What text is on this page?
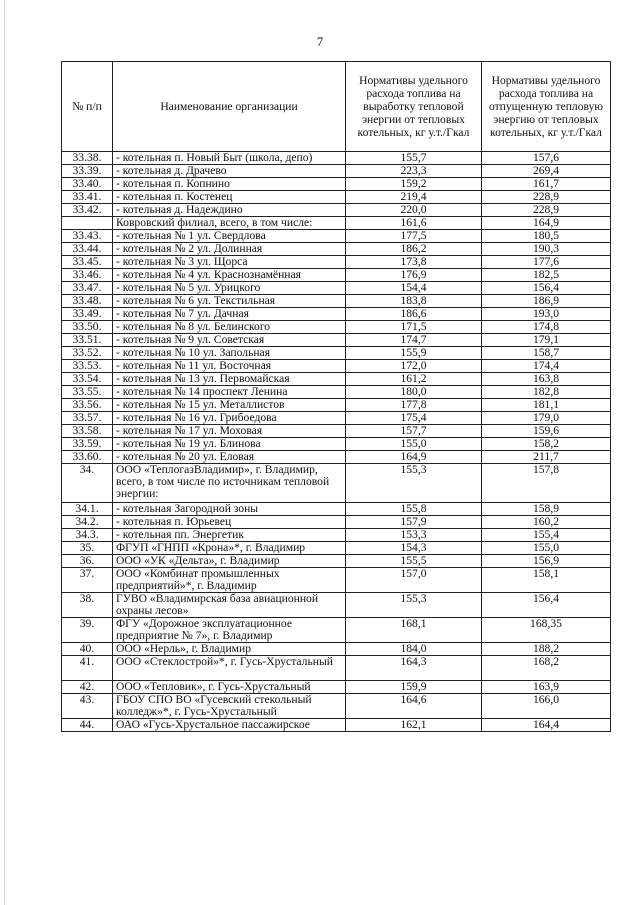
7
№ п/п	Наименование организации	Нормативы удельного расхода топлива на выработку тепловой энергии от тепловых котельных, кг у.т./Гкал	Нормативы удельного расхода топлива на отпущенную тепловую энергию от тепловых котельных, кг у.т./Гкал
33.38.	- котельная п. Новый Быт (школа, депо)	155,7	157,6
33.39.	- котельная д. Драчево	223,3	269,4
33.40.	- котельная п. Копнино	159,2	161,7
33.41.	- котельная п. Костенец	219,4	228,9
33.42.	- котельная д. Надеждино	220,0	228,9
	Ковровский филиал, всего, в том числе:	161,6	164,9
33.43.	- котельная № 1 ул. Свердлова	177,5	180,5
33.44.	- котельная № 2 ул. Долинная	186,2	190,3
33.45.	- котельная № 3 ул. Щорса	173,8	177,6
33.46.	- котельная № 4 ул. Краснознамённая	176,9	182,5
33.47.	- котельная № 5 ул. Урицкого	154,4	156,4
33.48.	- котельная № 6 ул. Текстильная	183,8	186,9
33.49.	- котельная № 7 ул. Дачная	186,6	193,0
33.50.	- котельная № 8 ул. Белинского	171,5	174,8
33.51.	- котельная № 9 ул. Советская	174,7	179,1
33.52.	- котельная № 10 ул. Запольная	155,9	158,7
33.53.	- котельная № 11 ул. Восточная	172,0	174,4
33.54.	- котельная № 13 ул. Первомайская	161,2	163,8
33.55.	- котельная № 14 проспект Ленина	180,0	182,8
33.56.	- котельная № 15 ул. Металлистов	177,8	181,1
33.57.	- котельная № 16 ул. Грибоедова	175,4	179,0
33.58.	- котельная № 17 ул. Моховая	157,7	159,6
33.59.	- котельная № 19 ул. Блинова	155,0	158,2
33.60.	- котельная № 20 ул. Еловая	164,9	211,7
34.	ООО «ТеплогазВладимир», г. Владимир, всего, в том числе по источникам тепловой энергии:	155,3	157,8
34.1.	- котельная Загородной зоны	155,8	158,9
34.2.	- котельная п. Юрьевец	157,9	160,2
34.3.	- котельная пп. Энергетик	153,3	155,4
35.	ФГУП «ГНПП «Крона»*, г. Владимир	154,3	155,0
36.	ООО «УК «Дельта», г. Владимир	155,5	156,9
37.	ООО «Комбинат промышленных предприятий»*, г. Владимир	157,0	158,1
38.	ГУВО «Владимирская база авиационной охраны лесов»	155,3	156,4
39.	ФГУ «Дорожное эксплуатационное предприятие № 7», г. Владимир	168,1	168,35
40.	ООО «Нерль», г. Владимир	184,0	188,2
41.	ООО «Стеклострой»*, г. Гусь-Хрустальный	164,3	168,2
42.	ООО «Тепловик», г. Гусь-Хрустальный	159,9	163,9
43.	ГБОУ СПО ВО «Гусевский стекольный колледж»*, г. Гусь-Хрустальный	164,6	166,0
44.	ОАО «Гусь-Хрустальное пассажирское	162,1	164,4
